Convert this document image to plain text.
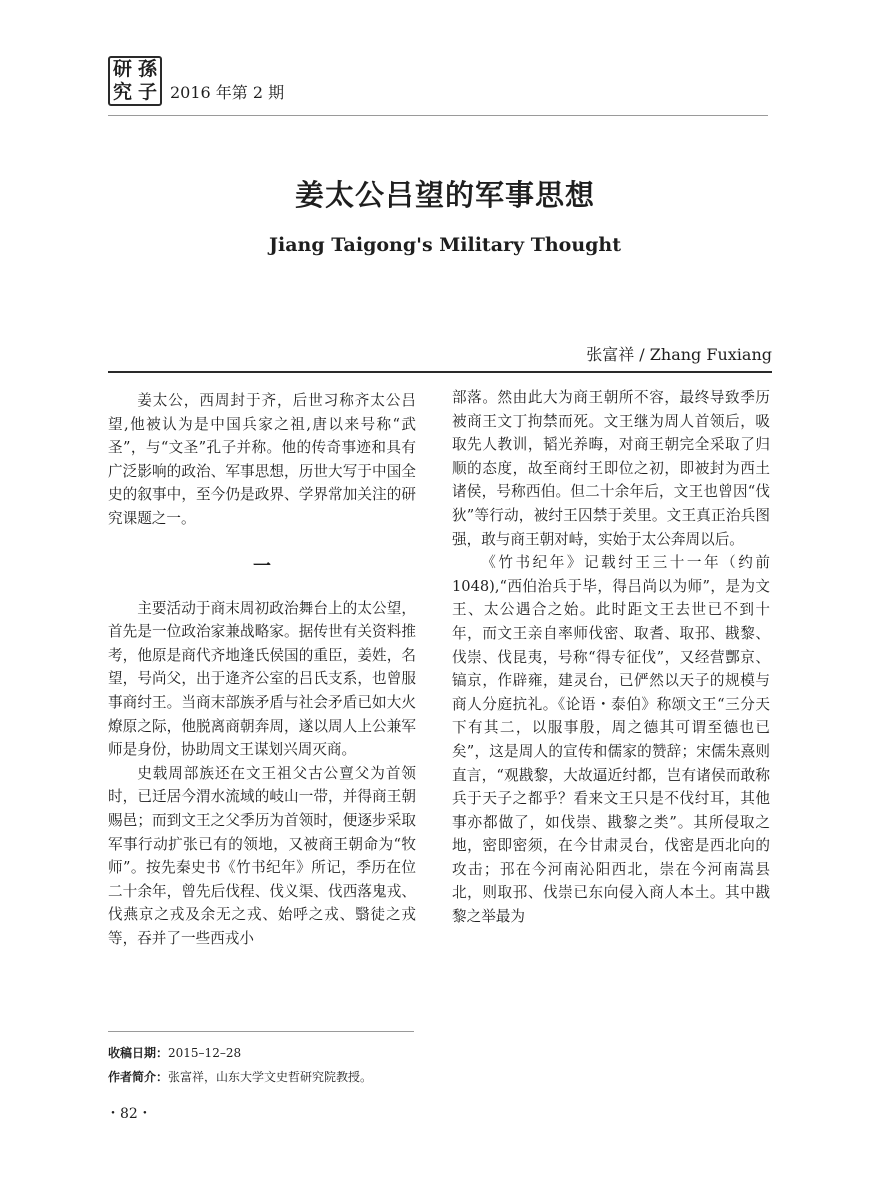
研 孫
究 子 2016 年第 2 期
姜太公吕望的军事思想
Jiang Taigong's Military Thought
张富祥 / Zhang Fuxiang

姜太公，西周封于齐，后世习称齐太公吕望,他被认为是中国兵家之祖,唐以来号称“武圣”，与“文圣”孔子并称。他的传奇事迹和具有广泛影响的政治、军事思想，历世大写于中国全史的叙事中，至今仍是政界、学界常加关注的研究课题之一。

一

主要活动于商末周初政治舞台上的太公望，首先是一位政治家兼战略家。据传世有关资料推考，他原是商代齐地逢氏侯国的重臣，姜姓，名望，号尚父，出于逄齐公室的吕氏支系，也曾服事商纣王。当商末部族矛盾与社会矛盾已如大火燎原之际，他脱离商朝奔周，遂以周人上公兼军师是身份，协助周文王谋划兴周灭商。

史载周部族还在文王祖父古公亶父为首领时，已迁居今渭水流域的岐山一带，并得商王朝赐邑；而到文王之父季历为首领时，便逐步采取军事行动扩张已有的领地，又被商王朝命为“牧师”。按先秦史书《竹书纪年》所记，季历在位二十余年，曾先后伐程、伐义渠、伐西落鬼戎、伐燕京之戎及余无之戎、始呼之戎、翳徒之戎等，吞并了一些西戎小

部落。然由此大为商王朝所不容，最终导致季历被商王文丁拘禁而死。文王继为周人首领后，吸取先人教训，韬光养晦，对商王朝完全采取了归顺的态度，故至商纣王即位之初，即被封为西土诸侯，号称西伯。但二十余年后，文王也曾因“伐狄”等行动，被纣王囚禁于羑里。文王真正治兵图强，敢与商王朝对峙，实始于太公奔周以后。

《竹书纪年》记载纣王三十一年（约前1048),“西伯治兵于毕，得吕尚以为师”，是为文王、太公遇合之始。此时距文王去世已不到十年，而文王亲自率师伐密、取耆、取邘、戡黎、伐崇、伐昆夷，号称“得专征伐”，又经营酆京、镐京，作辟雍，建灵台，已俨然以天子的规模与商人分庭抗礼。《论语・泰伯》称颂文王“三分天下有其二，以服事殷，周之德其可谓至德也已矣”，这是周人的宣传和儒家的赞辞；宋儒朱熹则直言，“观戡黎，大故逼近纣都，岂有诸侯而敢称兵于天子之都乎？看来文王只是不伐纣耳，其他事亦都做了，如伐崇、戡黎之类”。其所侵取之地，密即密须，在今甘肃灵台，伐密是西北向的攻击；邘在今河南沁阳西北，崇在今河南嵩县北，则取邘、伐崇已东向侵入商人本土。其中戡黎之举最为

收稿日期：2015–12–28
作者简介：张富祥，山东大学文史哲研究院教授。
・82・
